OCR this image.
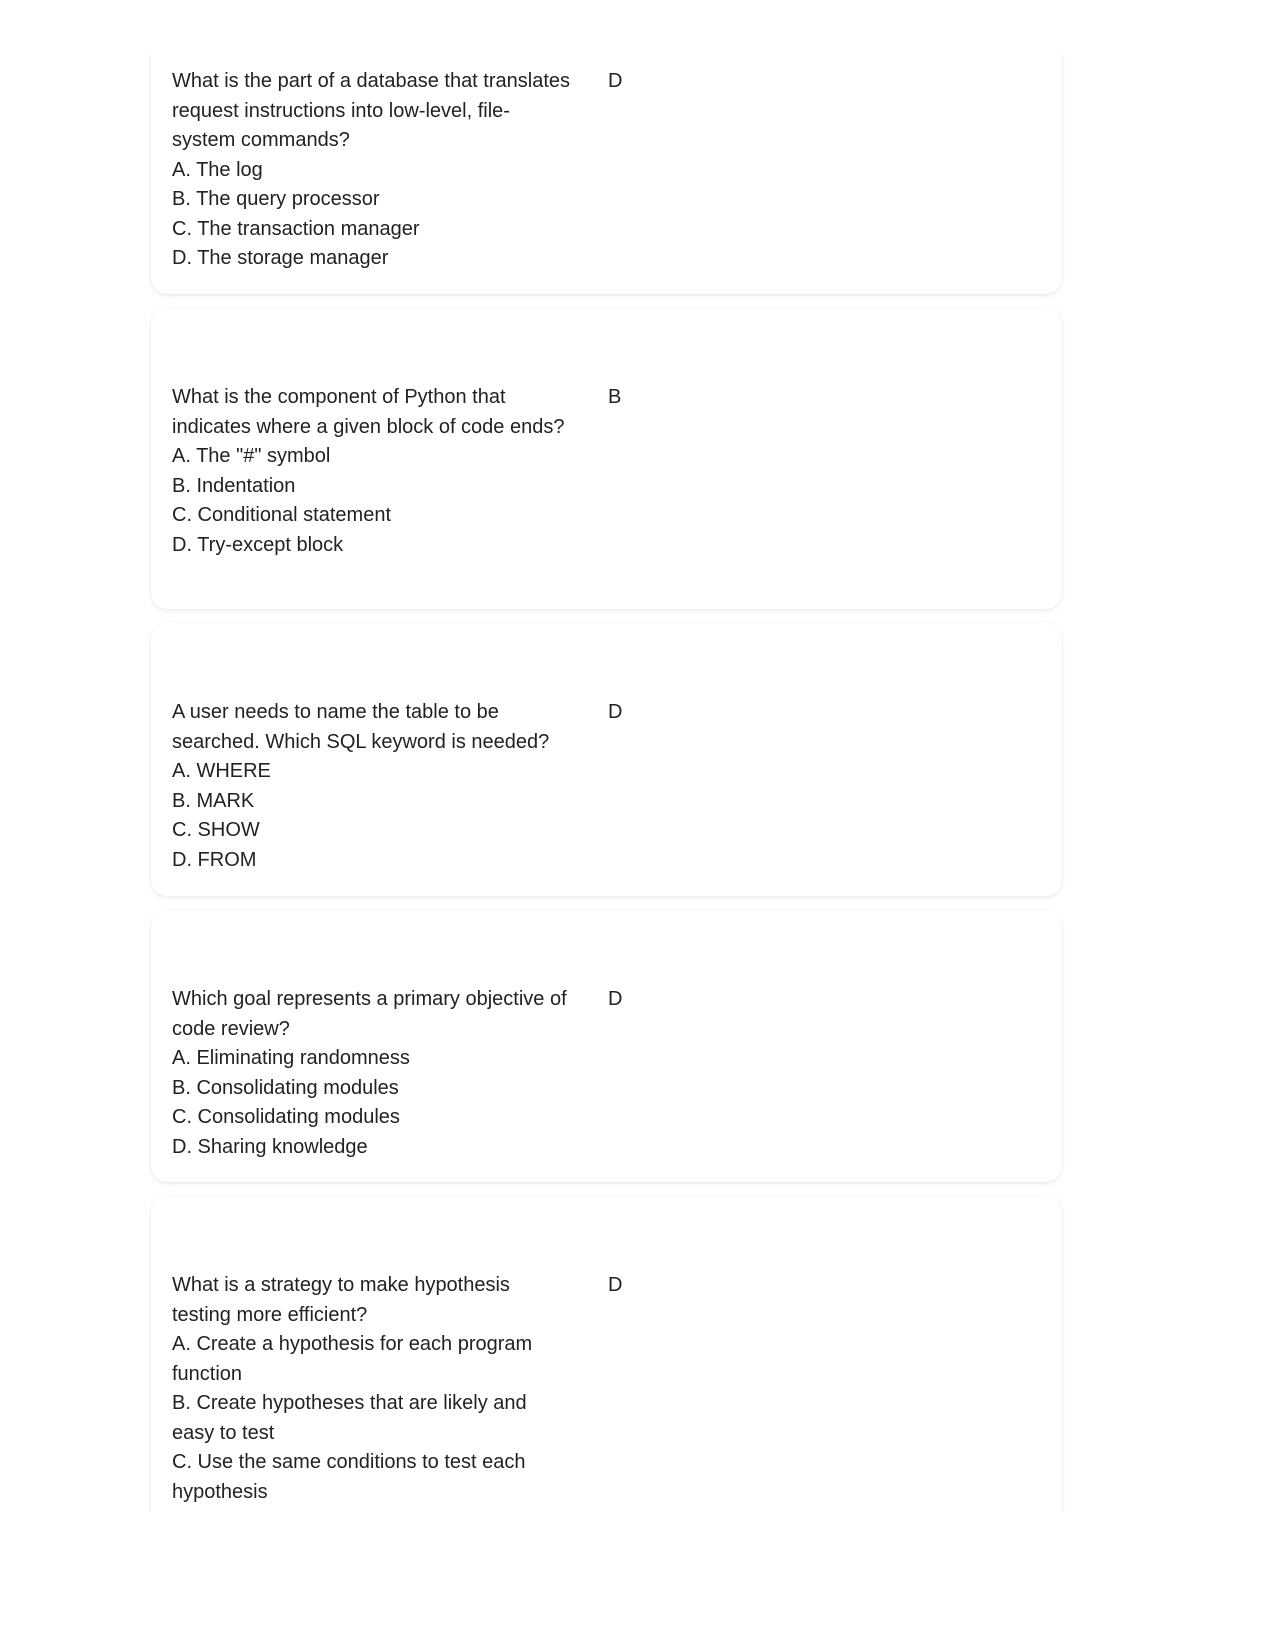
What is the part of a database that translates request instructions into low-level, file-system commands?
A. The log
B. The query processor
C. The transaction manager
D. The storage manager
D
What is the component of Python that indicates where a given block of code ends?
A. The "#" symbol
B. Indentation
C. Conditional statement
D. Try-except block
B
A user needs to name the table to be searched. Which SQL keyword is needed?
A. WHERE
B. MARK
C. SHOW
D. FROM
D
Which goal represents a primary objective of code review?
A. Eliminating randomness
B. Consolidating modules
C. Consolidating modules
D. Sharing knowledge
D
What is a strategy to make hypothesis testing more efficient?
A. Create a hypothesis for each program function
B. Create hypotheses that are likely and easy to test
C. Use the same conditions to test each hypothesis
D
